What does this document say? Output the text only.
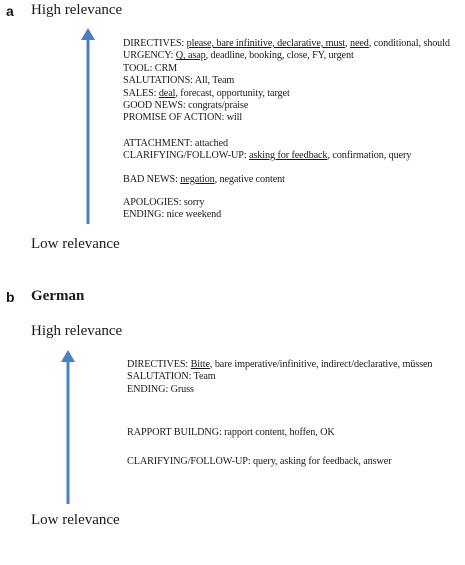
a High relevance
DIRECTIVES: please, bare infinitive, declarative, must, need, conditional, should
URGENCY: Q, asap, deadline, booking, close, FY, urgent
TOOL: CRM
SALUTATIONS: All, Team
SALES: deal, forecast, opportunity, target
GOOD NEWS: congrats/praise
PROMISE OF ACTION: will
ATTACHMENT: attached
CLARIFYING/FOLLOW-UP: asking for feedback, confirmation, query
BAD NEWS: negation, negative content
APOLOGIES: sorry
ENDING: nice weekend
Low relevance
b German
High relevance
DIRECTIVES: Bitte, bare imperative/infinitive, indirect/declarative, müssen
SALUTATION: Team
ENDING: Gruss
RAPPORT BUILDNG: rapport content, hoffen, OK
CLARIFYING/FOLLOW-UP: query, asking for feedback, answer
Low relevance
